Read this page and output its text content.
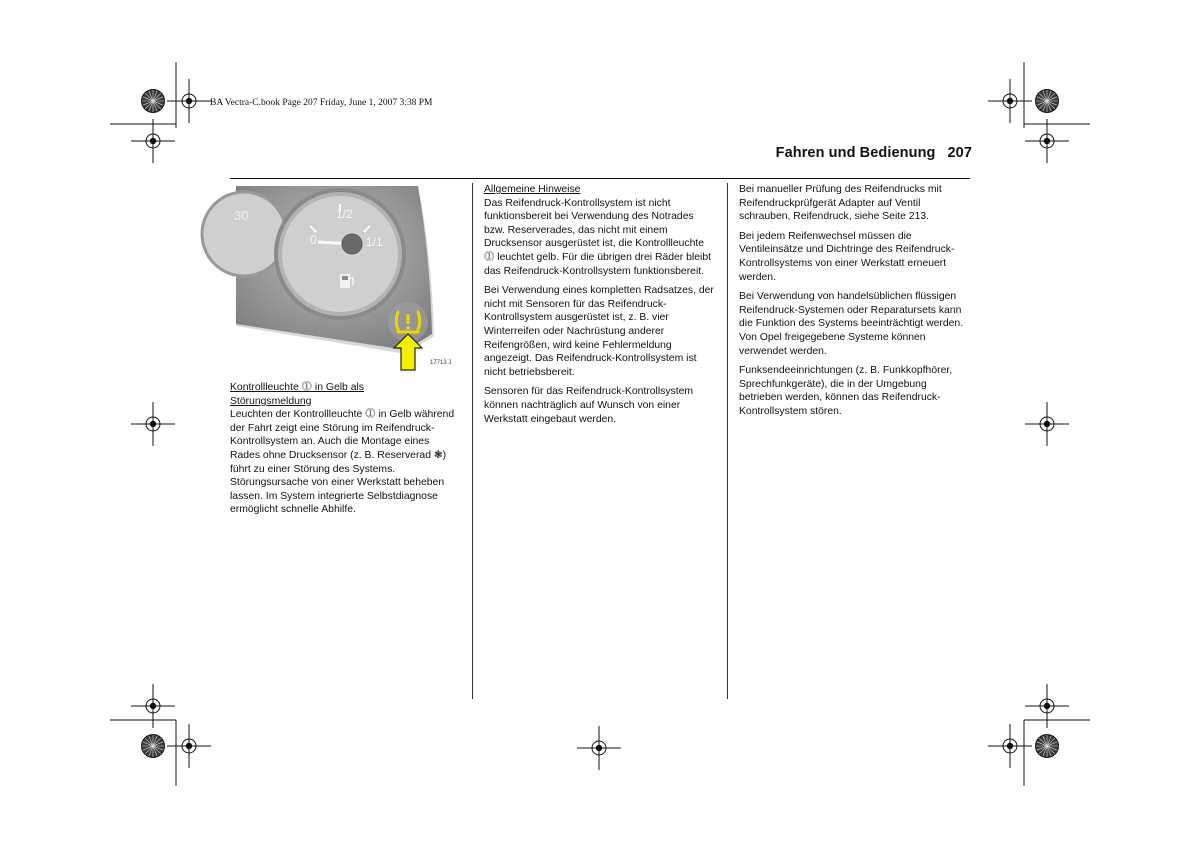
BA Vectra-C.book Page 207 Friday, June 1, 2007 3:38 PM
Fahren und Bedienung 207
30	1/2
1/1
0
17713 J
Kontrollleuchte ⓵ in Gelb als
Störungsmeldung

Leuchten der Kontrollleuchte ⓵ in Gelb während der Fahrt zeigt eine Störung im Reifendruck-Kontrollsystem an. Auch die Montage eines Rades ohne Drucksensor (z. B. Reserverad ❃) führt zu einer Störung des Systems. Störungsursache von einer Werkstatt beheben lassen. Im System integrierte Selbstdiagnose ermöglicht schnelle Abhilfe.

Allgemeine Hinweise

Das Reifendruck-Kontrollsystem ist nicht funktionsbereit bei Verwendung des Notrades bzw. Reserverades, das nicht mit einem Drucksensor ausgerüstet ist, die Kontrollleuchte ⓵ leuchtet gelb. Für die übrigen drei Räder bleibt das Reifendruck-Kontrollsystem funktionsbereit.

Bei Verwendung eines kompletten Radsatzes, der nicht mit Sensoren für das Reifendruck-Kontrollsystem ausgerüstet ist, z. B. vier Winterreifen oder Nachrüstung anderer Reifengrößen, wird keine Fehlermeldung angezeigt. Das Reifendruck-Kontrollsystem ist nicht betriebsbereit.

Sensoren für das Reifendruck-Kontrollsystem können nachträglich auf Wunsch von einer Werkstatt eingebaut werden.

Bei manueller Prüfung des Reifendrucks mit Reifendruckprüfgerät Adapter auf Ventil schrauben, Reifendruck, siehe Seite 213.

Bei jedem Reifenwechsel müssen die Ventileinsätze und Dichtringe des Reifendruck-Kontrollsystems von einer Werkstatt erneuert werden.

Bei Verwendung von handelsüblichen flüssigen Reifendruck-Systemen oder Reparatursets kann die Funktion des Systems beeinträchtigt werden. Von Opel freigegebene Systeme können verwendet werden.

Funksendeeinrichtungen (z. B. Funkkopfhörer, Sprechfunkgeräte), die in der Umgebung betrieben werden, können das Reifendruck-Kontrollsystem stören.
